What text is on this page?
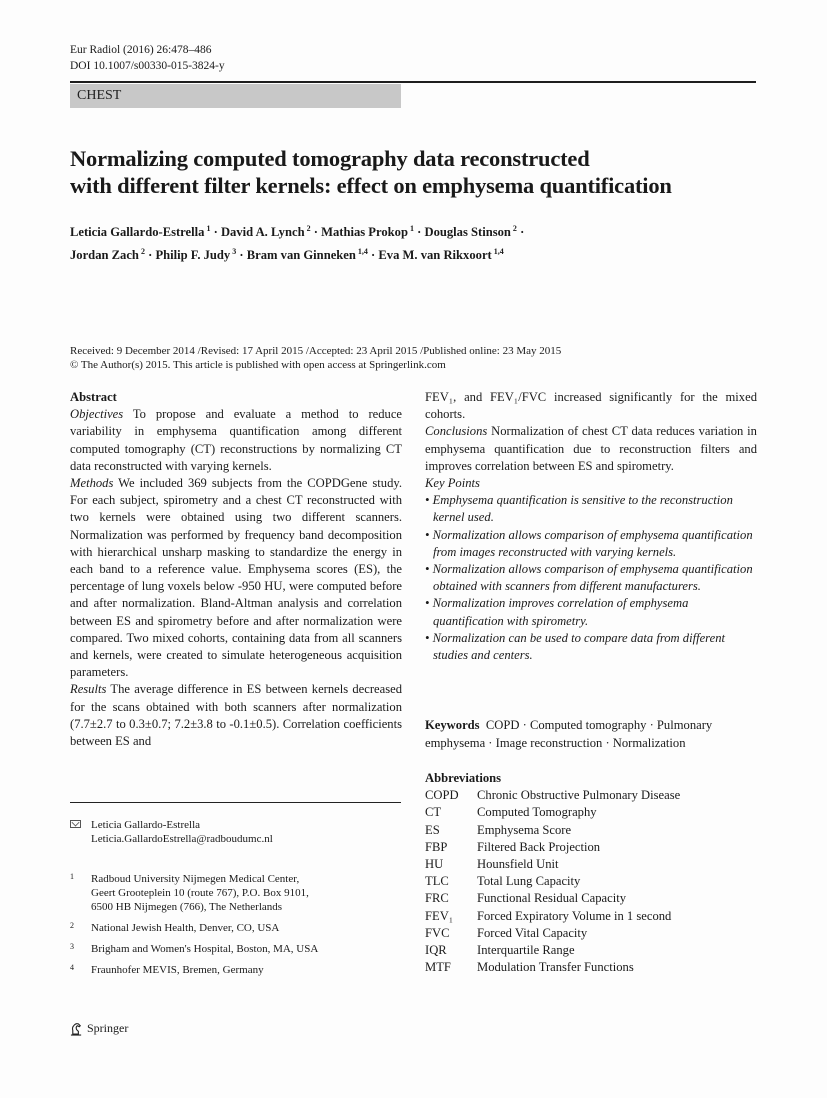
Eur Radiol (2016) 26:478–486
DOI 10.1007/s00330-015-3824-y
CHEST
Normalizing computed tomography data reconstructed
with different filter kernels: effect on emphysema quantification
Leticia Gallardo-Estrella $^1$ · David A. Lynch $^2$ · Mathias Prokop $^1$ · Douglas Stinson $^2$ ·
Jordan Zach $^2$ · Philip F. Judy $^3$ · Bram van Ginneken $^{1,4}$ · Eva M. van Rikxoort $^{1,4}$
Received: 9 December 2014 /Revised: 17 April 2015 /Accepted: 23 April 2015 /Published online: 23 May 2015
© The Author(s) 2015. This article is published with open access at Springerlink.com
Abstract
Objectives To propose and evaluate a method to reduce variability in emphysema quantification among different computed tomography (CT) reconstructions by normalizing CT data reconstructed with varying kernels.
Methods We included 369 subjects from the COPDGene study. For each subject, spirometry and a chest CT reconstructed with two kernels were obtained using two different scanners. Normalization was performed by frequency band decomposition with hierarchical unsharp masking to standardize the energy in each band to a reference value. Emphysema scores (ES), the percentage of lung voxels below -950 HU, were computed before and after normalization. Bland-Altman analysis and correlation between ES and spirometry before and after normalization were compared. Two mixed cohorts, containing data from all scanners and kernels, were created to simulate heterogeneous acquisition parameters.
Results The average difference in ES between kernels decreased for the scans obtained with both scanners after normalization (7.7±2.7 to 0.3±0.7; 7.2±3.8 to -0.1±0.5). Correlation coefficients between ES and
FEV₁, and FEV₁/FVC increased significantly for the mixed cohorts.
Conclusions Normalization of chest CT data reduces variation in emphysema quantification due to reconstruction filters and improves correlation between ES and spirometry.
Key Points
• Emphysema quantification is sensitive to the reconstruction kernel used.
• Normalization allows comparison of emphysema quantification from images reconstructed with varying kernels.
• Normalization allows comparison of emphysema quantification obtained with scanners from different manufacturers.
• Normalization improves correlation of emphysema quantification with spirometry.
• Normalization can be used to compare data from different studies and centers.
Keywords COPD · Computed tomography · Pulmonary emphysema · Image reconstruction · Normalization
Abbreviations
COPD	Chronic Obstructive Pulmonary Disease
CT	Computed Tomography
ES	Emphysema Score
FBP	Filtered Back Projection
HU	Hounsfield Unit
TLC	Total Lung Capacity
FRC	Functional Residual Capacity
FEV₁	Forced Expiratory Volume in 1 second
FVC	Forced Vital Capacity
IQR	Interquartile Range
MTF	Modulation Transfer Functions
Leticia Gallardo-Estrella
Leticia.GallardoEstrella@radboudumc.nl
1 Radboud University Nijmegen Medical Center,
Geert Grooteplein 10 (route 767), P.O. Box 9101,
6500 HB Nijmegen (766), The Netherlands
2 National Jewish Health, Denver, CO, USA
3 Brigham and Women's Hospital, Boston, MA, USA
4 Fraunhofer MEVIS, Bremen, Germany
Springer
